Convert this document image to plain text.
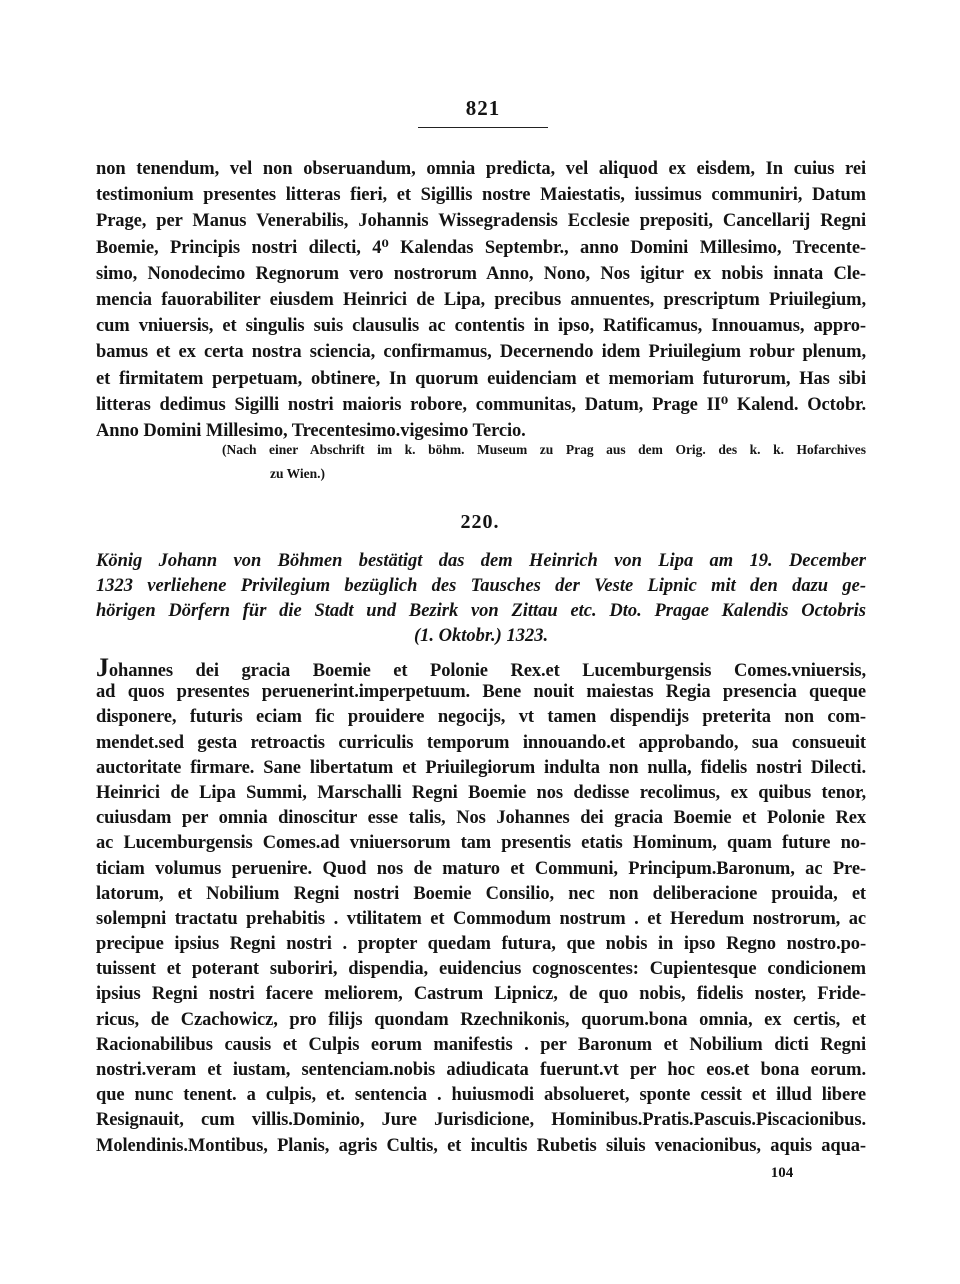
821
non tenendum, vel non obseruandum, omnia predicta, vel aliquod ex eisdem, In cuius rei
testimonium presentes litteras fieri, et Sigillis nostre Maiestatis, iussimus communiri, Datum
Prage, per Manus Venerabilis, Johannis Wissegradensis Ecclesie prepositi, Cancellarij Regni
Boemie, Principis nostri dilecti, 4⁰ Kalendas Septembr., anno Domini Millesimo, Trecente-
simo, Nonodecimo Regnorum vero nostrorum Anno, Nono, Nos igitur ex nobis innata Cle-
mencia fauorabiliter eiusdem Heinrici de Lipa, precibus annuentes, prescriptum Priuilegium,
cum vniuersis, et singulis suis clausulis ac contentis in ipso, Ratificamus, Innouamus, appro-
bamus et ex certa nostra sciencia, confirmamus, Decernendo idem Priuilegium robur plenum,
et firmitatem perpetuam, obtinere, In quorum euidenciam et memoriam futurorum, Has sibi
litteras dedimus Sigilli nostri maioris robore, communitas, Datum, Prage II⁰ Kalend. Octobr.
Anno Domini Millesimo, Trecentesimo.vigesimo Tercio.
(Nach einer Abschrift im k. böhm. Museum zu Prag aus dem Orig. des k. k. Hofarchives
zu Wien.)
220.
König Johann von Böhmen bestätigt das dem Heinrich von Lipa am 19. December
1323 verliehene Privilegium bezüglich des Tausches der Veste Lipnic mit den dazu ge-
hörigen Dörfern für die Stadt und Bezirk von Zittau etc. Dto. Pragae Kalendis Octobris
(1. Oktobr.) 1323.
Johannes dei gracia Boemie et Polonie Rex.et Lucemburgensis Comes.vniuersis,
ad quos presentes peruenerint.imperpetuum. Bene nouit maiestas Regia presencia queque
disponere, futuris eciam fic prouidere negocijs, vt tamen dispendijs preterita non com-
mendet.sed gesta retroactis curriculis temporum innouando.et approbando, sua consueuit
auctoritate firmare. Sane libertatum et Priuilegiorum indulta non nulla, fidelis nostri Dilecti.
Heinrici de Lipa Summi, Marschalli Regni Boemie nos dedisse recolimus, ex quibus tenor,
cuiusdam per omnia dinoscitur esse talis, Nos Johannes dei gracia Boemie et Polonie Rex
ac Lucemburgensis Comes.ad vniuersorum tam presentis etatis Hominum, quam future no-
ticiam volumus peruenire. Quod nos de maturo et Communi, Principum.Baronum, ac Pre-
latorum, et Nobilium Regni nostri Boemie Consilio, nec non deliberacione prouida, et
solempni tractatu prehabitis . vtilitatem et Commodum nostrum . et Heredum nostrorum, ac
precipue ipsius Regni nostri . propter quedam futura, que nobis in ipso Regno nostro.po-
tuissent et poterant suboriri, dispendia, euidencius cognoscentes: Cupientesque condicionem
ipsius Regni nostri facere meliorem, Castrum Lipnicz, de quo nobis, fidelis noster, Fride-
ricus, de Czachowicz, pro filijs quondam Rzechnikonis, quorum.bona omnia, ex certis, et
Racionabilibus causis et Culpis eorum manifestis . per Baronum et Nobilium dicti Regni
nostri.veram et iustam, sentenciam.nobis adiudicata fuerunt.vt per hoc eos.et bona eorum.
que nunc tenent. a culpis, et. sentencia . huiusmodi absolueret, sponte cessit et illud libere
Resignauit, cum villis.Dominio, Jure Jurisdicione, Hominibus.Pratis.Pascuis.Piscacionibus.
Molendinis.Montibus, Planis, agris Cultis, et incultis Rubetis siluis venacionibus, aquis aqua-
104
